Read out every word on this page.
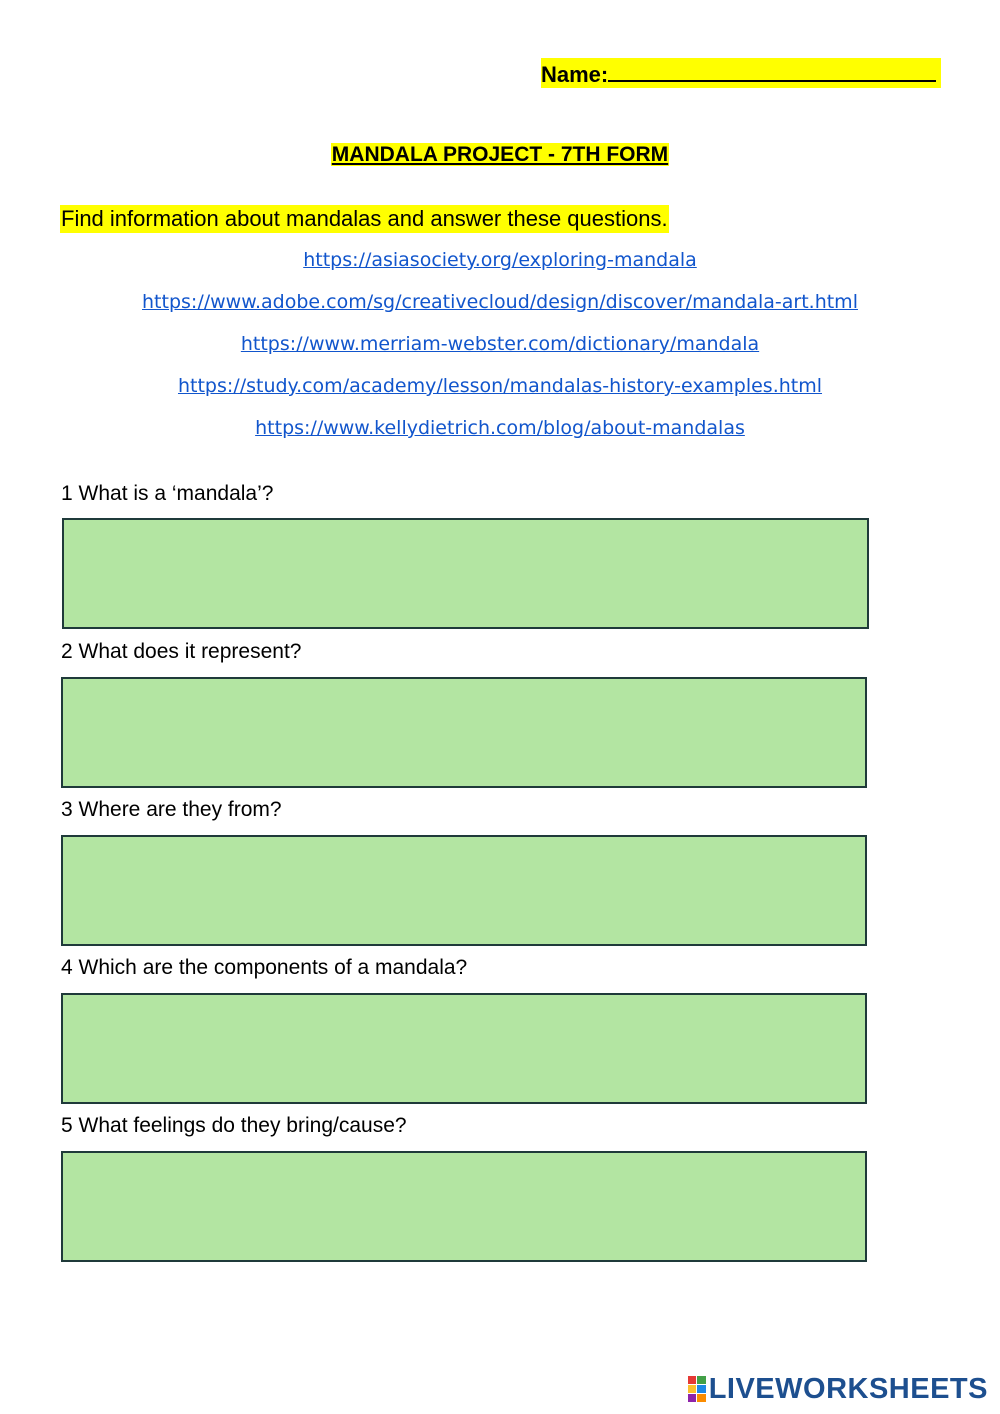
Name:
MANDALA PROJECT - 7TH FORM
Find information about mandalas and answer these questions.
https://asiasociety.org/exploring-mandala
https://www.adobe.com/sg/creativecloud/design/discover/mandala-art.html
https://www.merriam-webster.com/dictionary/mandala
https://study.com/academy/lesson/mandalas-history-examples.html
https://www.kellydietrich.com/blog/about-mandalas
1 What is a ‘mandala’?
2 What does it represent?
3 Where are they from?
4 Which are the components of a mandala?
5 What feelings do they bring/cause?
LIVEWORKSHEETS
